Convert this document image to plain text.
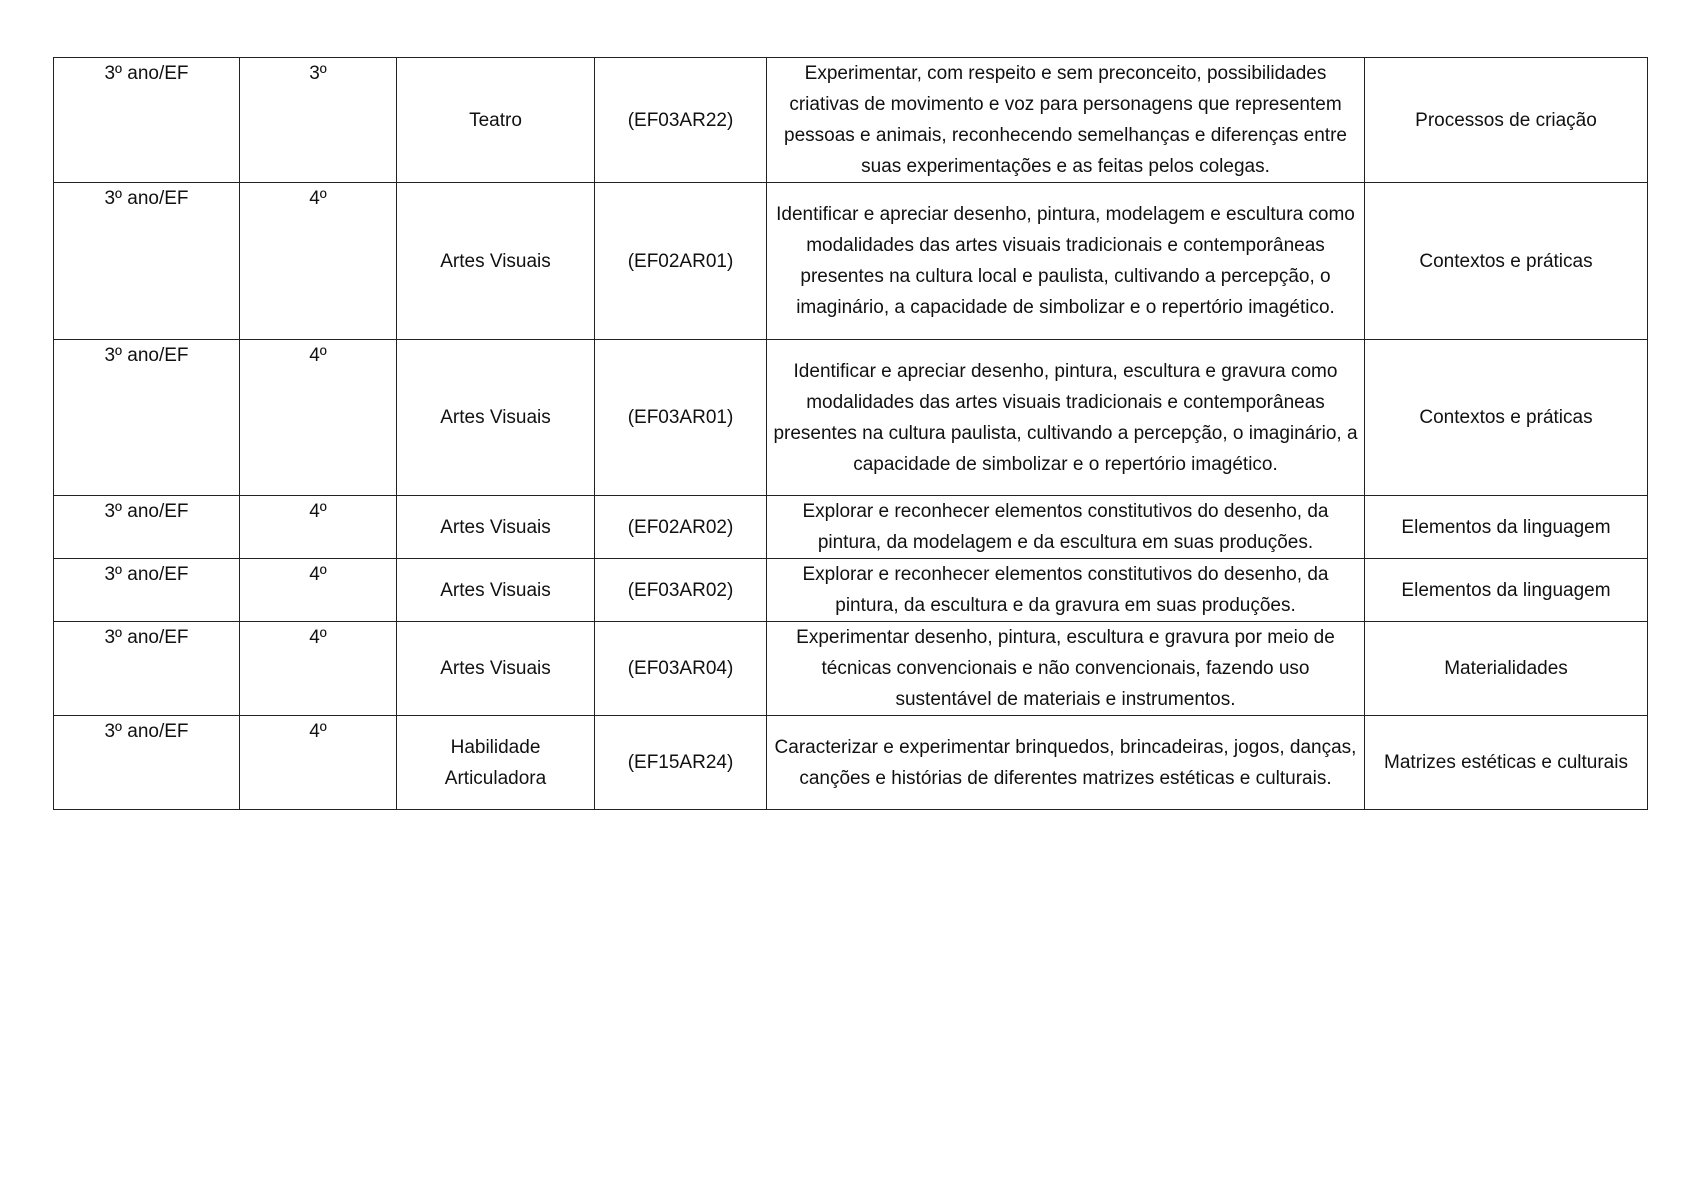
3º ano/EF	3º	Teatro	(EF03AR22)	Experimentar, com respeito e sem preconceito, possibilidades criativas de movimento e voz para personagens que representem pessoas e animais, reconhecendo semelhanças e diferenças entre suas experimentações e as feitas pelos colegas.	Processos de criação
3º ano/EF	4º	Artes Visuais	(EF02AR01)	Identificar e apreciar desenho, pintura, modelagem e escultura como modalidades das artes visuais tradicionais e contemporâneas presentes na cultura local e paulista, cultivando a percepção, o imaginário, a capacidade de simbolizar e o repertório imagético.	Contextos e práticas
3º ano/EF	4º	Artes Visuais	(EF03AR01)	Identificar e apreciar desenho, pintura, escultura e gravura como modalidades das artes visuais tradicionais e contemporâneas presentes na cultura paulista, cultivando a percepção, o imaginário, a capacidade de simbolizar e o repertório imagético.	Contextos e práticas
3º ano/EF	4º	Artes Visuais	(EF02AR02)	Explorar e reconhecer elementos constitutivos do desenho, da pintura, da modelagem e da escultura em suas produções.	Elementos da linguagem
3º ano/EF	4º	Artes Visuais	(EF03AR02)	Explorar e reconhecer elementos constitutivos do desenho, da pintura, da escultura e da gravura em suas produções.	Elementos da linguagem
3º ano/EF	4º	Artes Visuais	(EF03AR04)	Experimentar desenho, pintura, escultura e gravura por meio de técnicas convencionais e não convencionais, fazendo uso sustentável de materiais e instrumentos.	Materialidades
3º ano/EF	4º	Habilidade Articuladora	(EF15AR24)	Caracterizar e experimentar brinquedos, brincadeiras, jogos, danças, canções e histórias de diferentes matrizes estéticas e culturais.	Matrizes estéticas e culturais
